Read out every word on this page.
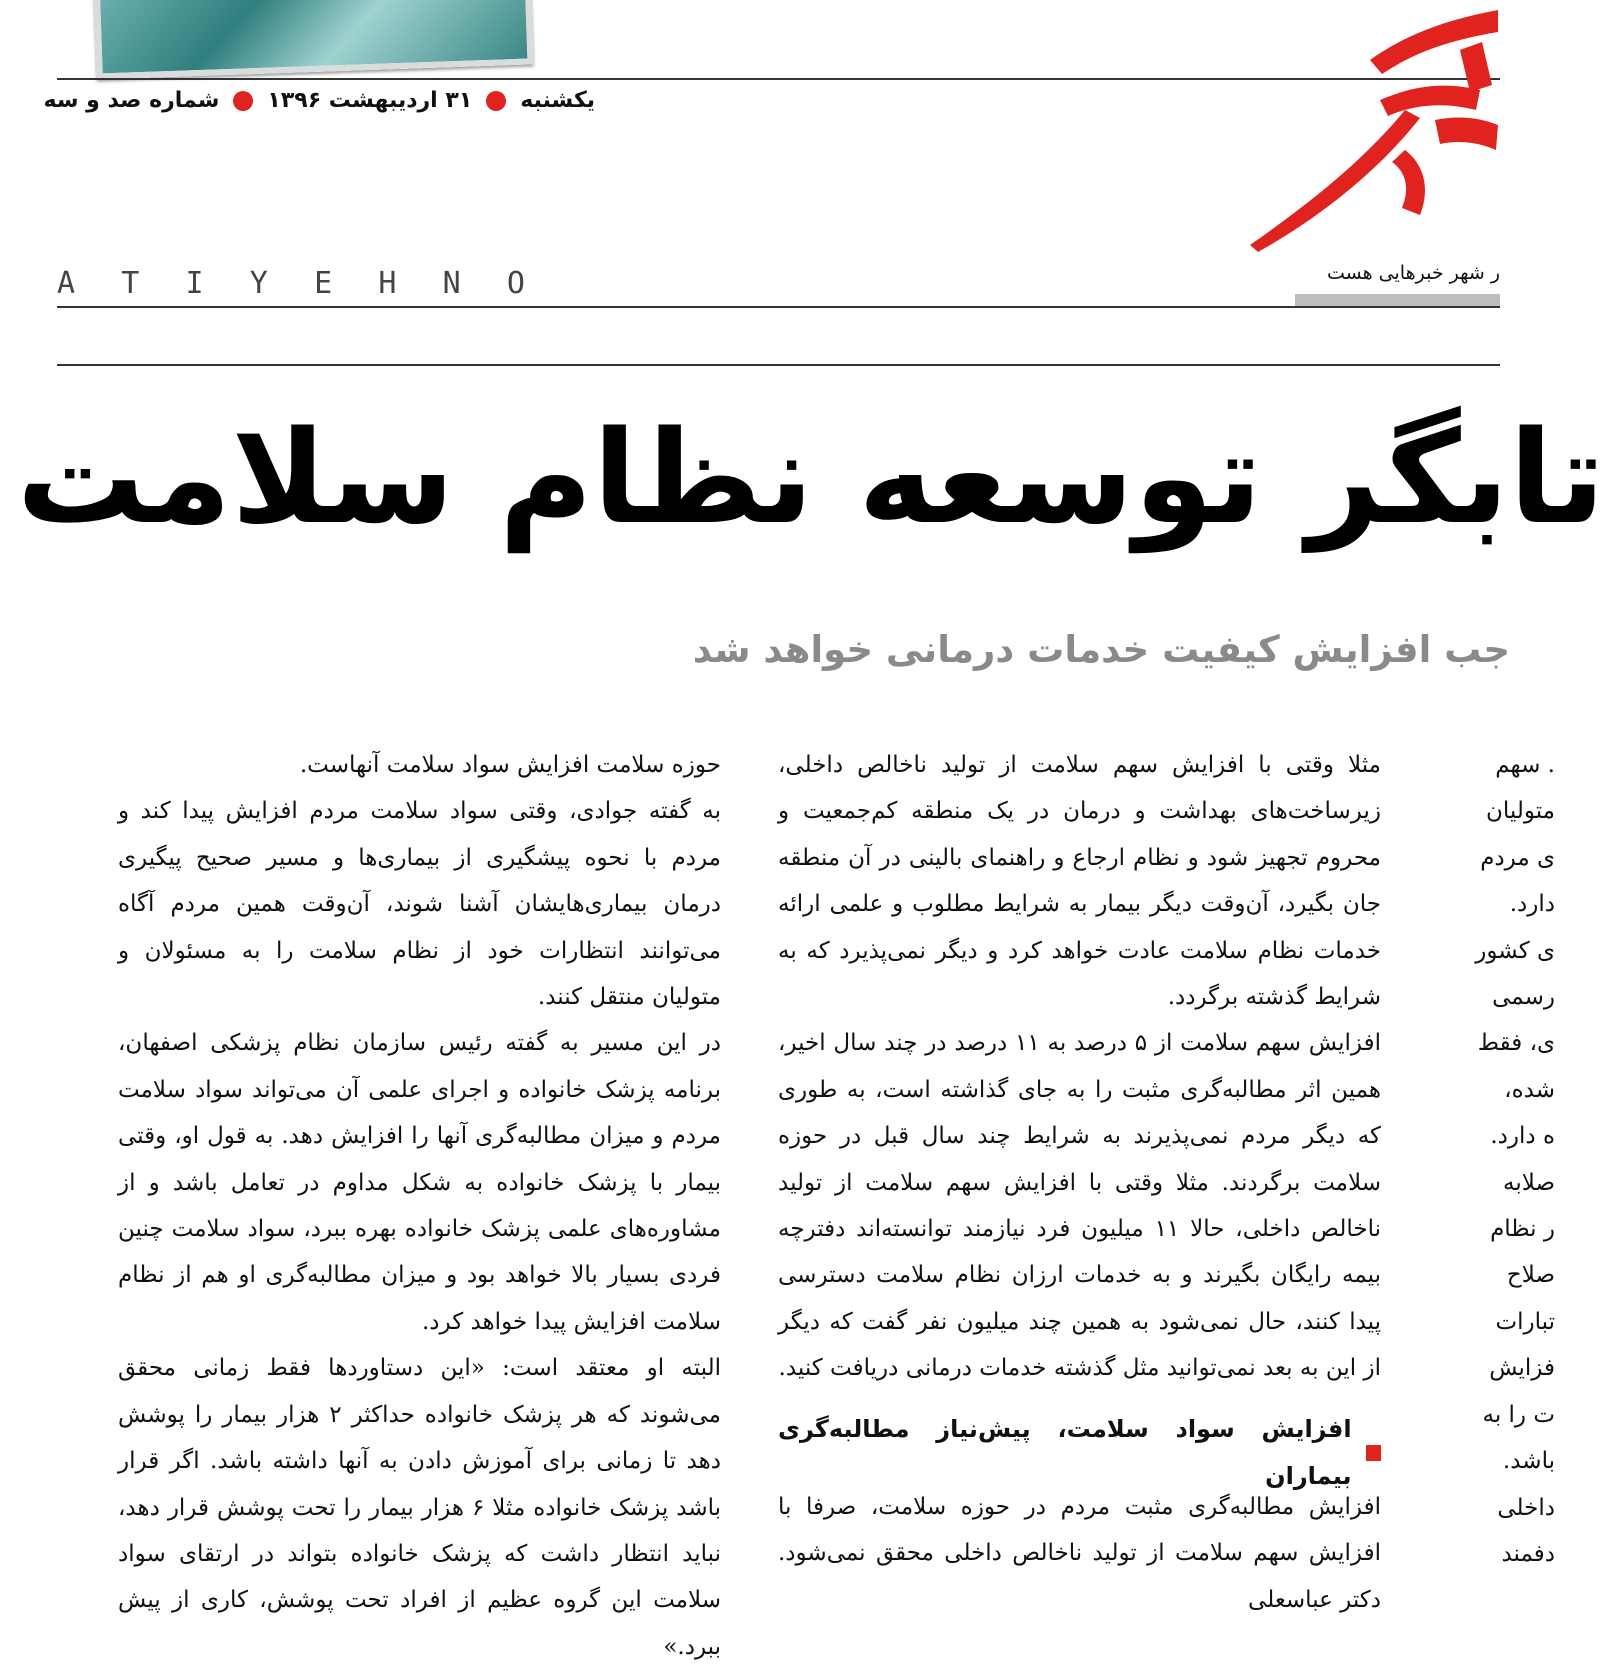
یکشنبه
۳۱ اردیبهشت ۱۳۹۶
شماره صد و سه
ر شهر خبرهایی هست
A T I Y E H N O
تابگر توسعه نظام سلامت
جب افزایش کیفیت خدمات درمانی خواهد شد

. سهم

متولیان

ی مردم

دارد.

ی کشور

رسمی

ی، فقط

شده،

ه دارد.

صلابه

ر نظام

صلاح

تبارات

فزایش

ت را به

باشد.

داخلی

دفمند

مثلا وقتی با افزایش سهم سلامت از تولید ناخالص داخلی، زیرساخت‌های بهداشت و درمان در یک منطقه کم‌جمعیت و محروم تجهیز شود و نظام ارجاع و راهنمای بالینی در آن منطقه جان بگیرد، آن‌وقت دیگر بیمار به شرایط مطلوب و علمی ارائه خدمات نظام سلامت عادت خواهد کرد و دیگر نمی‌پذیرد که به شرایط گذشته برگردد.

افزایش سهم سلامت از ۵ درصد به ۱۱ درصد در چند سال اخیر، همین اثر مطالبه‌گری مثبت را به جای گذاشته است، به طوری که دیگر مردم نمی‌پذیرند به شرایط چند سال قبل در حوزه سلامت برگردند. مثلا وقتی با افزایش سهم سلامت از تولید ناخالص داخلی، حالا ۱۱ میلیون فرد نیازمند توانسته‌اند دفترچه بیمه رایگان بگیرند و به خدمات ارزان نظام سلامت دسترسی پیدا کنند، حال نمی‌شود به همین چند میلیون نفر گفت که دیگر از این به بعد نمی‌توانید مثل گذشته خدمات درمانی دریافت کنید.

افزایش سواد سلامت، پیش‌نیاز مطالبه‌گری بیماران

افزایش مطالبه‌گری مثبت مردم در حوزه سلامت، صرفا با افزایش سهم سلامت از تولید ناخالص داخلی محقق نمی‌شود. دکتر عباسعلی

حوزه سلامت افزایش سواد سلامت آنهاست.

به گفته جوادی، وقتی سواد سلامت مردم افزایش پیدا کند و مردم با نحوه پیشگیری از بیماری‌ها و مسیر صحیح پیگیری درمان بیماری‌هایشان آشنا شوند، آن‌وقت همین مردم آگاه می‌توانند انتظارات خود از نظام سلامت را به مسئولان و متولیان منتقل کنند.

در این مسیر به گفته رئیس سازمان نظام پزشکی اصفهان، برنامه پزشک خانواده و اجرای علمی آن می‌تواند سواد سلامت مردم و میزان مطالبه‌گری آنها را افزایش دهد. به قول او، وقتی بیمار با پزشک خانواده به شکل مداوم در تعامل باشد و از مشاوره‌های علمی پزشک خانواده بهره ببرد، سواد سلامت چنین فردی بسیار بالا خواهد بود و میزان مطالبه‌گری او هم از نظام سلامت افزایش پیدا خواهد کرد.

البته او معتقد است: «این دستاوردها فقط زمانی محقق می‌شوند که هر پزشک خانواده حداکثر ۲ هزار بیمار را پوشش دهد تا زمانی برای آموزش دادن به آنها داشته باشد. اگر قرار باشد پزشک خانواده مثلا ۶ هزار بیمار را تحت پوشش قرار دهد، نباید انتظار داشت که پزشک خانواده بتواند در ارتقای سواد سلامت این گروه عظیم از افراد تحت پوشش، کاری از پیش ببرد.»
